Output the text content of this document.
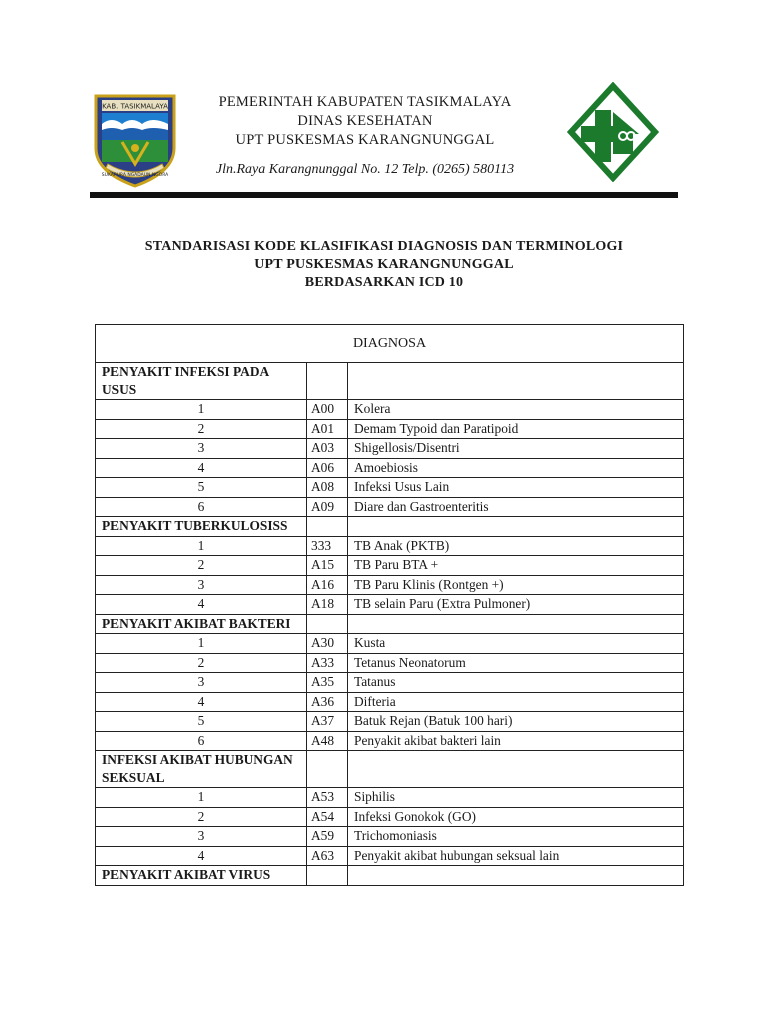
KAB. TASIKMALAYA
SUKAPURA NGADAUN NGORA
PEMERINTAH KABUPATEN TASIKMALAYA
DINAS KESEHATAN
UPT PUSKESMAS KARANGNUNGGAL
Jln.Raya Karangnunggal No. 12 Telp. (0265) 580113
STANDARISASI KODE KLASIFIKASI DIAGNOSIS DAN TERMINOLOGI
UPT PUSKESMAS KARANGNUNGGAL
BERDASARKAN ICD 10
DIAGNOSA		
PENYAKIT INFEKSI PADA USUS		
1	A00	Kolera
2	A01	Demam Typoid dan Paratipoid
3	A03	Shigellosis/Disentri
4	A06	Amoebiosis
5	A08	Infeksi Usus Lain
6	A09	Diare dan Gastroenteritis
PENYAKIT TUBERKULOSISS		
1	333	TB Anak (PKTB)
2	A15	TB Paru BTA +
3	A16	TB Paru Klinis (Rontgen +)
4	A18	TB selain Paru (Extra Pulmoner)
PENYAKIT AKIBAT BAKTERI		
1	A30	Kusta
2	A33	Tetanus Neonatorum
3	A35	Tatanus
4	A36	Difteria
5	A37	Batuk Rejan (Batuk 100 hari)
6	A48	Penyakit akibat bakteri lain
INFEKSI AKIBAT HUBUNGAN SEKSUAL		
1	A53	Siphilis
2	A54	Infeksi Gonokok (GO)
3	A59	Trichomoniasis
4	A63	Penyakit akibat hubungan seksual lain
PENYAKIT AKIBAT VIRUS		
